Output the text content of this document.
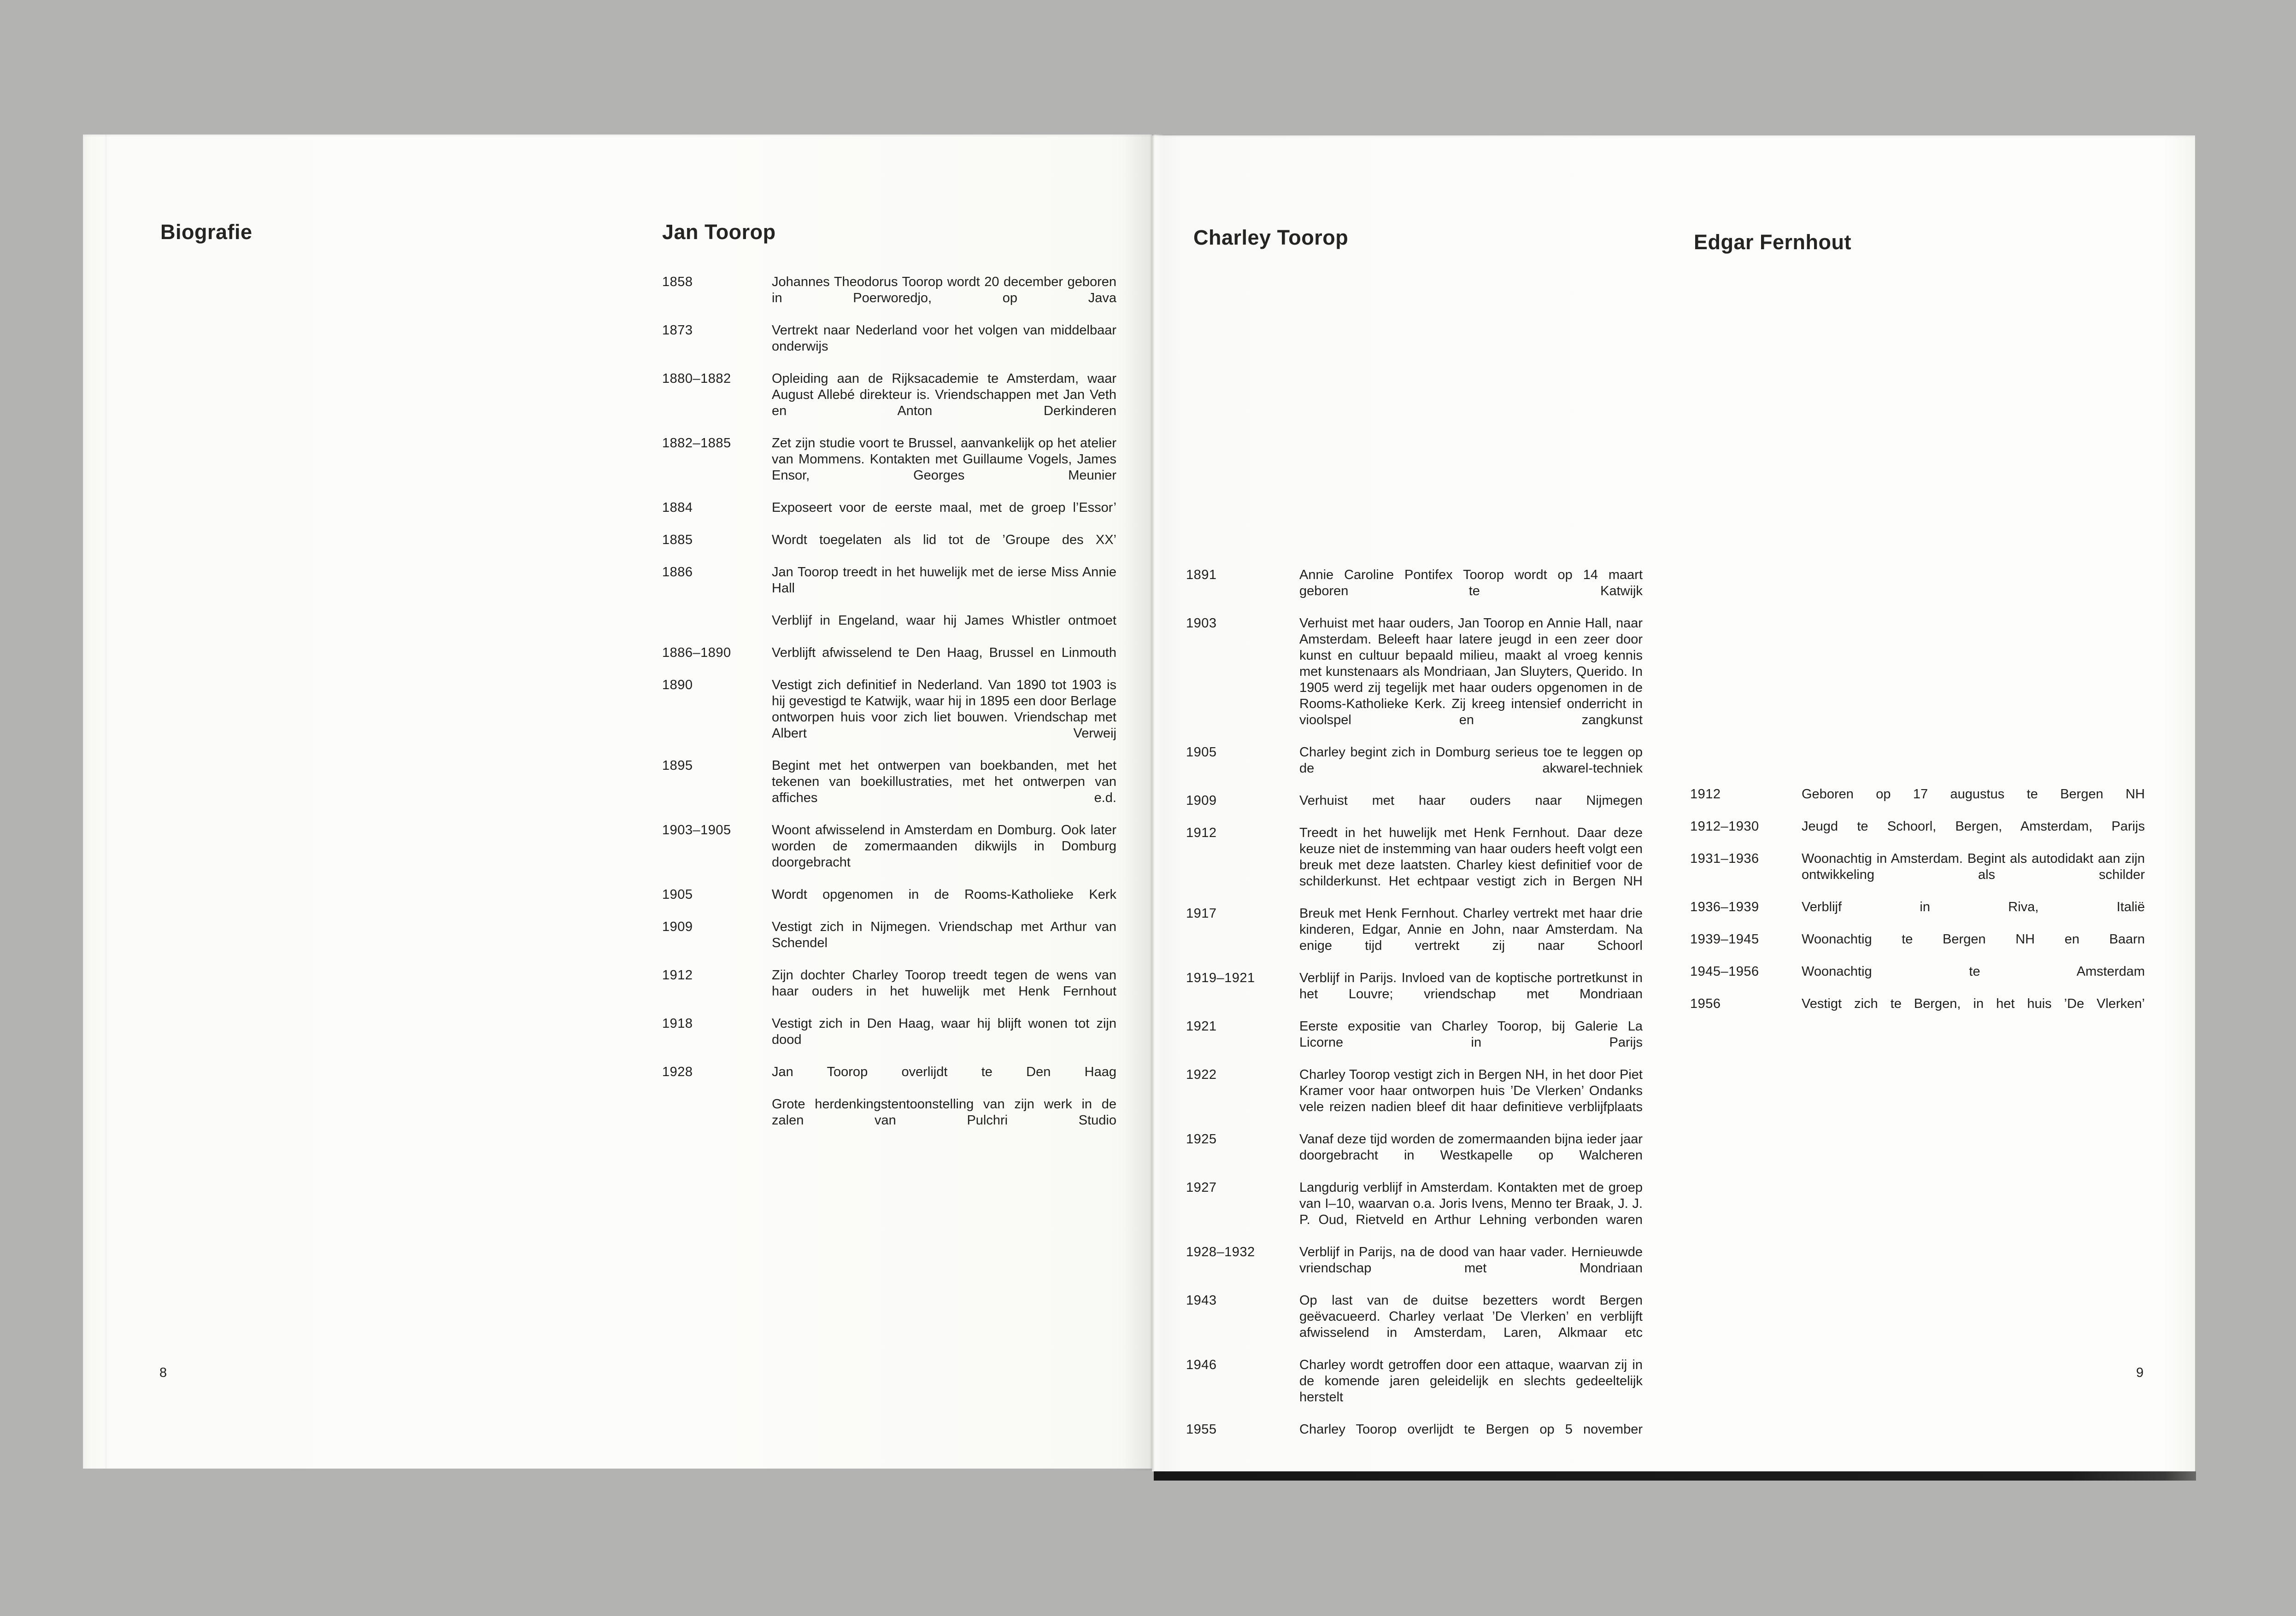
Biografie	Jan Toorop
1858	Johannes Theodorus Toorop wordt 20 december geboren in Poerworedjo, op Java
1873	Vertrekt naar Nederland voor het volgen van middelbaar onderwijs
1880–1882	Opleiding aan de Rijksacademie te Amsterdam, waar August Allebé direkteur is. Vriendschappen met Jan Veth en Anton Derkinderen
1882–1885	Zet zijn studie voort te Brussel, aanvankelijk op het atelier van Mommens. Kontakten met Guillaume Vogels, James Ensor, Georges Meunier
1884	Exposeert voor de eerste maal, met de groep l’Essor’
1885	Wordt toegelaten als lid tot de ’Groupe des XX’
1886	Jan Toorop treedt in het huwelijk met de ierse Miss Annie Hall
Verblijf in Engeland, waar hij James Whistler ontmoet
1886–1890	Verblijft afwisselend te Den Haag, Brussel en Linmouth
1890	Vestigt zich definitief in Nederland. Van 1890 tot 1903 is hij gevestigd te Katwijk, waar hij in 1895 een door Berlage ontworpen huis voor zich liet bouwen. Vriendschap met Albert Verweij
1895	Begint met het ontwerpen van boekbanden, met het tekenen van boekillustraties, met het ontwerpen van affiches e.d.
1903–1905	Woont afwisselend in Amsterdam en Domburg. Ook later worden de zomermaanden dikwijls in Domburg doorgebracht
1905	Wordt opgenomen in de Rooms-Katholieke Kerk
1909	Vestigt zich in Nijmegen. Vriendschap met Arthur van Schendel
1912	Zijn dochter Charley Toorop treedt tegen de wens van haar ouders in het huwelijk met Henk Fernhout
1918	Vestigt zich in Den Haag, waar hij blijft wonen tot zijn dood
1928	Jan Toorop overlijdt te Den Haag
Grote herdenkingstentoonstelling van zijn werk in de zalen van Pulchri Studio
8
Charley Toorop
1891	Annie Caroline Pontifex Toorop wordt op 14 maart geboren te Katwijk
1903	Verhuist met haar ouders, Jan Toorop en Annie Hall, naar Amsterdam. Beleeft haar latere jeugd in een zeer door kunst en cultuur bepaald milieu, maakt al vroeg kennis met kunstenaars als Mondriaan, Jan Sluyters, Querido. In 1905 werd zij tegelijk met haar ouders opgenomen in de Rooms-Katholieke Kerk. Zij kreeg intensief onderricht in vioolspel en zangkunst
1905	Charley begint zich in Domburg serieus toe te leggen op de akwarel-techniek
1909	Verhuist met haar ouders naar Nijmegen
1912	Treedt in het huwelijk met Henk Fernhout. Daar deze keuze niet de instemming van haar ouders heeft volgt een breuk met deze laatsten. Charley kiest definitief voor de schilderkunst. Het echtpaar vestigt zich in Bergen NH
1917	Breuk met Henk Fernhout. Charley vertrekt met haar drie kinderen, Edgar, Annie en John, naar Amsterdam. Na enige tijd vertrekt zij naar Schoorl
1919–1921	Verblijf in Parijs. Invloed van de koptische portretkunst in het Louvre; vriendschap met Mondriaan
1921	Eerste expositie van Charley Toorop, bij Galerie La Licorne in Parijs
1922	Charley Toorop vestigt zich in Bergen NH, in het door Piet Kramer voor haar ontworpen huis ’De Vlerken’ Ondanks vele reizen nadien bleef dit haar definitieve verblijfplaats
1925	Vanaf deze tijd worden de zomermaanden bijna ieder jaar doorgebracht in Westkapelle op Walcheren
1927	Langdurig verblijf in Amsterdam. Kontakten met de groep van I–10, waarvan o.a. Joris Ivens, Menno ter Braak, J. J. P. Oud, Rietveld en Arthur Lehning verbonden waren
1928–1932	Verblijf in Parijs, na de dood van haar vader. Hernieuwde vriendschap met Mondriaan
1943	Op last van de duitse bezetters wordt Bergen geëvacueerd. Charley verlaat ’De Vlerken’ en verblijft afwisselend in Amsterdam, Laren, Alkmaar etc
1946	Charley wordt getroffen door een attaque, waarvan zij in de komende jaren geleidelijk en slechts gedeeltelijk herstelt
1955	Charley Toorop overlijdt te Bergen op 5 november
Edgar Fernhout
1912	Geboren op 17 augustus te Bergen NH
1912–1930	Jeugd te Schoorl, Bergen, Amsterdam, Parijs
1931–1936	Woonachtig in Amsterdam. Begint als autodidakt aan zijn ontwikkeling als schilder
1936–1939	Verblijf in Riva, Italië
1939–1945	Woonachtig te Bergen NH en Baarn
1945–1956	Woonachtig te Amsterdam
1956	Vestigt zich te Bergen, in het huis ’De Vlerken’
9
